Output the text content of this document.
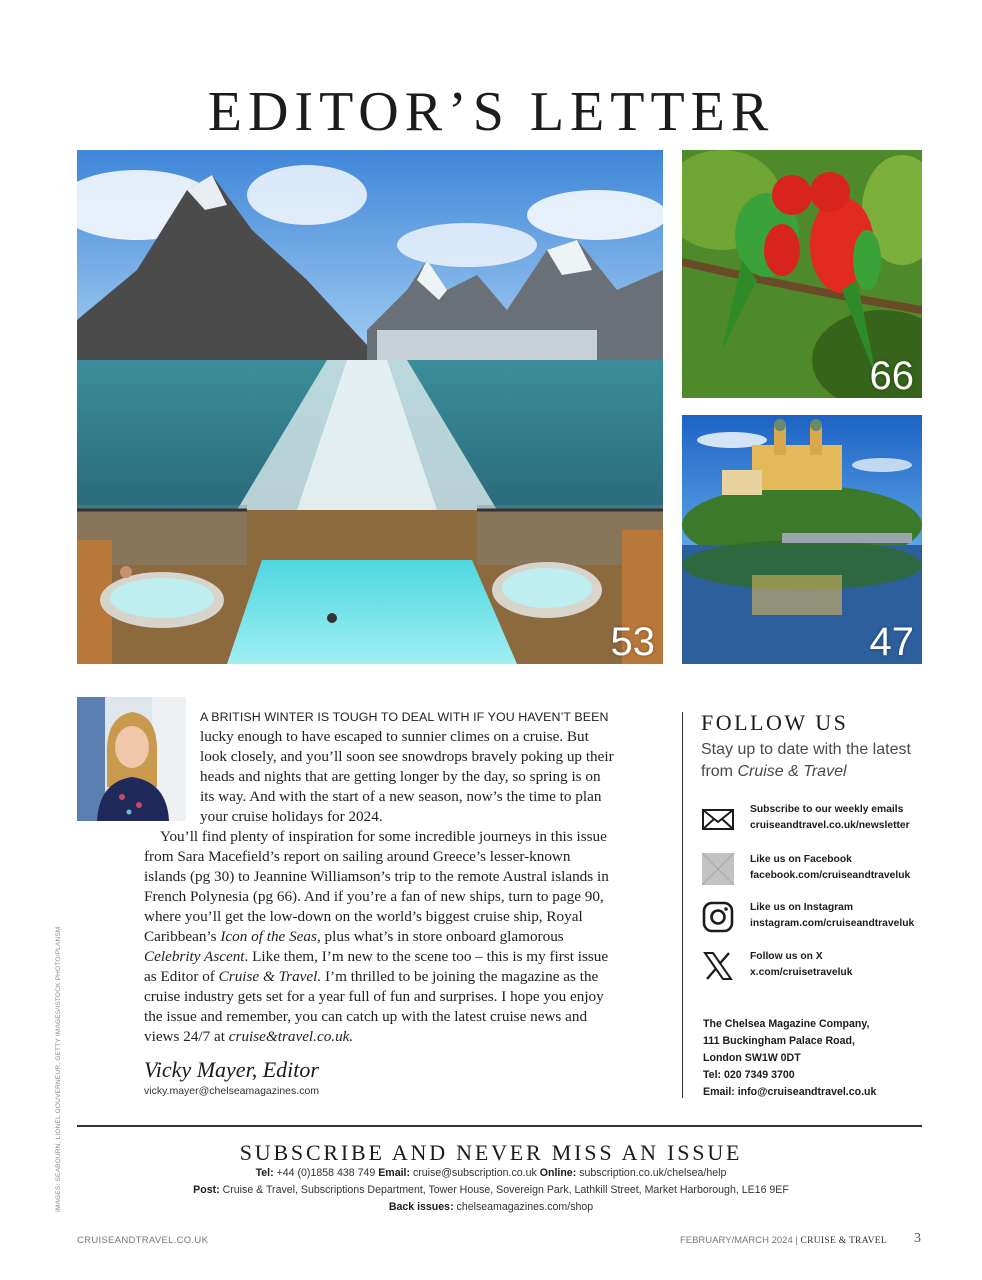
EDITOR’S LETTER
53
66
47

A BRITISH WINTER IS TOUGH TO DEAL WITH IF YOU HAVEN’T BEEN lucky enough to have escaped to sunnier climes on a cruise. But look closely, and you’ll soon see snowdrops bravely poking up their heads and nights that are getting longer by the day, so spring is on its way. And with the start of a new season, now’s the time to plan your cruise holidays for 2024.

You’ll find plenty of inspiration for some incredible journeys in this issue from Sara Macefield’s report on sailing around Greece’s lesser-known islands (pg 30) to Jeannine Williamson’s trip to the remote Austral islands in French Polynesia (pg 66). And if you’re a fan of new ships, turn to page 90, where you’ll get the low-down on the world’s biggest cruise ship, Royal Caribbean’s Icon of the Seas, plus what’s in store onboard glamorous Celebrity Ascent. Like them, I’m new to the scene too – this is my first issue as Editor of Cruise & Travel. I’m thrilled to be joining the magazine as the cruise industry gets set for a year full of fun and surprises. I hope you enjoy the issue and remember, you can catch up with the latest cruise news and views 24/7 at cruise&travel.co.uk.

Vicky Mayer, Editor
vicky.mayer@chelseamagazines.com
IMAGES: SEABOURN, LIONEL GOUVERNEUR, GETTY IMAGES/ISTOCK PHOTO/PLANSM
FOLLOW US
Stay up to date with the latest from Cruise & Travel
Subscribe to our weekly emails
cruiseandtravel.co.uk/newsletter
Like us on Facebook
facebook.com/cruiseandtraveluk
Like us on Instagram
instagram.com/cruiseandtraveluk
Follow us on X
x.com/cruisetraveluk
The Chelsea Magazine Company,
111 Buckingham Palace Road,
London SW1W 0DT
Tel: 020 7349 3700
Email: info@cruiseandtravel.co.uk
SUBSCRIBE AND NEVER MISS AN ISSUE
Tel: +44 (0)1858 438 749 Email: cruise@subscription.co.uk Online: subscription.co.uk/chelsea/help
Post: Cruise & Travel, Subscriptions Department, Tower House, Sovereign Park, Lathkill Street, Market Harborough, LE16 9EF
Back issues: chelseamagazines.com/shop
CRUISEANDTRAVEL.CO.UK	FEBRUARY/MARCH 2024 | CRUISE & TRAVEL 3
